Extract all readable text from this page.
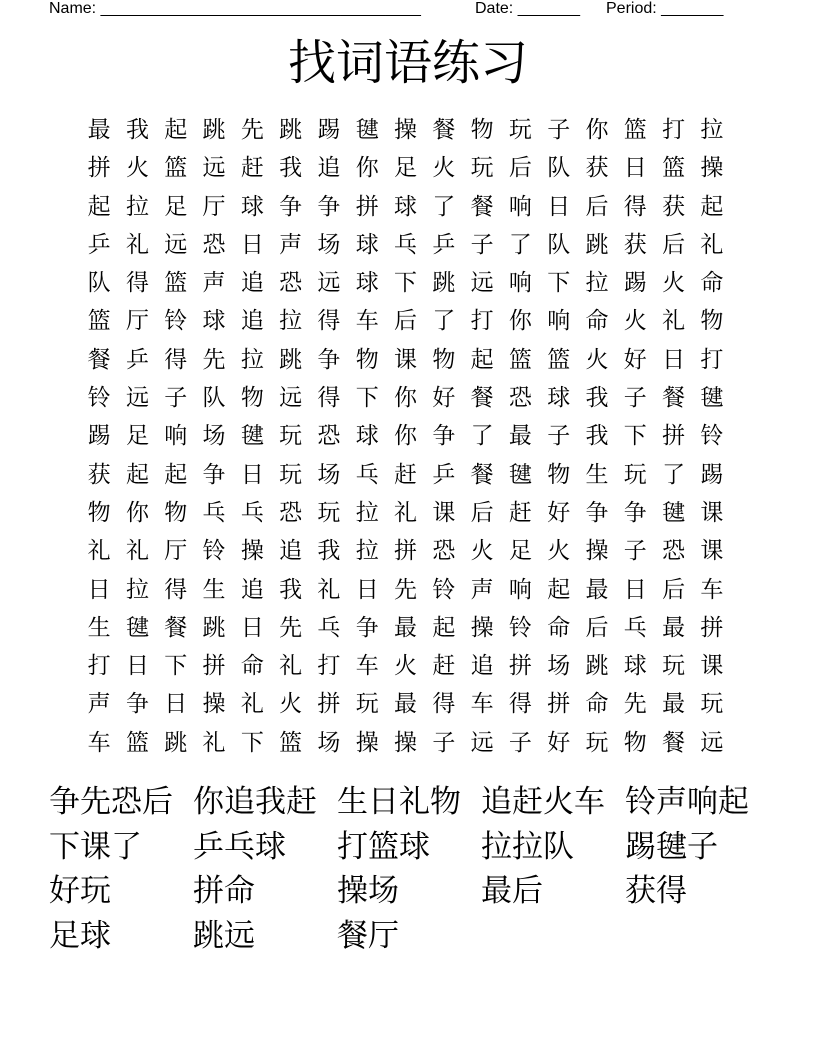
Name: ____________________________________	Date: _______ Period: _______
找词语练习
最 我 起 跳 先 跳 踢 毽 操 餐 物 玩 子 你 篮 打 拉
拼 火 篮 远 赶 我 追 你 足 火 玩 后 队 获 日 篮 操
起 拉 足 厅 球 争 争 拼 球 了 餐 响 日 后 得 获 起
乒 礼 远 恐 日 声 场 球 乓 乒 子 了 队 跳 获 后 礼
队 得 篮 声 追 恐 远 球 下 跳 远 响 下 拉 踢 火 命
篮 厅 铃 球 追 拉 得 车 后 了 打 你 响 命 火 礼 物
餐 乒 得 先 拉 跳 争 物 课 物 起 篮 篮 火 好 日 打
铃 远 子 队 物 远 得 下 你 好 餐 恐 球 我 子 餐 毽
踢 足 响 场 毽 玩 恐 球 你 争 了 最 子 我 下 拼 铃
获 起 起 争 日 玩 场 乓 赶 乒 餐 毽 物 生 玩 了 踢
物 你 物 乓 乓 恐 玩 拉 礼 课 后 赶 好 争 争 毽 课
礼 礼 厅 铃 操 追 我 拉 拼 恐 火 足 火 操 子 恐 课
日 拉 得 生 追 我 礼 日 先 铃 声 响 起 最 日 后 车
生 毽 餐 跳 日 先 乓 争 最 起 操 铃 命 后 乓 最 拼
打 日 下 拼 命 礼 打 车 火 赶 追 拼 场 跳 球 玩 课
声 争 日 操 礼 火 拼 玩 最 得 车 得 拼 命 先 最 玩
车 篮 跳 礼 下 篮 场 操 操 子 远 子 好 玩 物 餐 远
争先恐后 你追我赶 生日礼物 追赶火车 铃声响起
下课了	乒乓球	打篮球	拉拉队	踢毽子
好玩	拼命	操场	最后	获得
足球	跳远	餐厅
